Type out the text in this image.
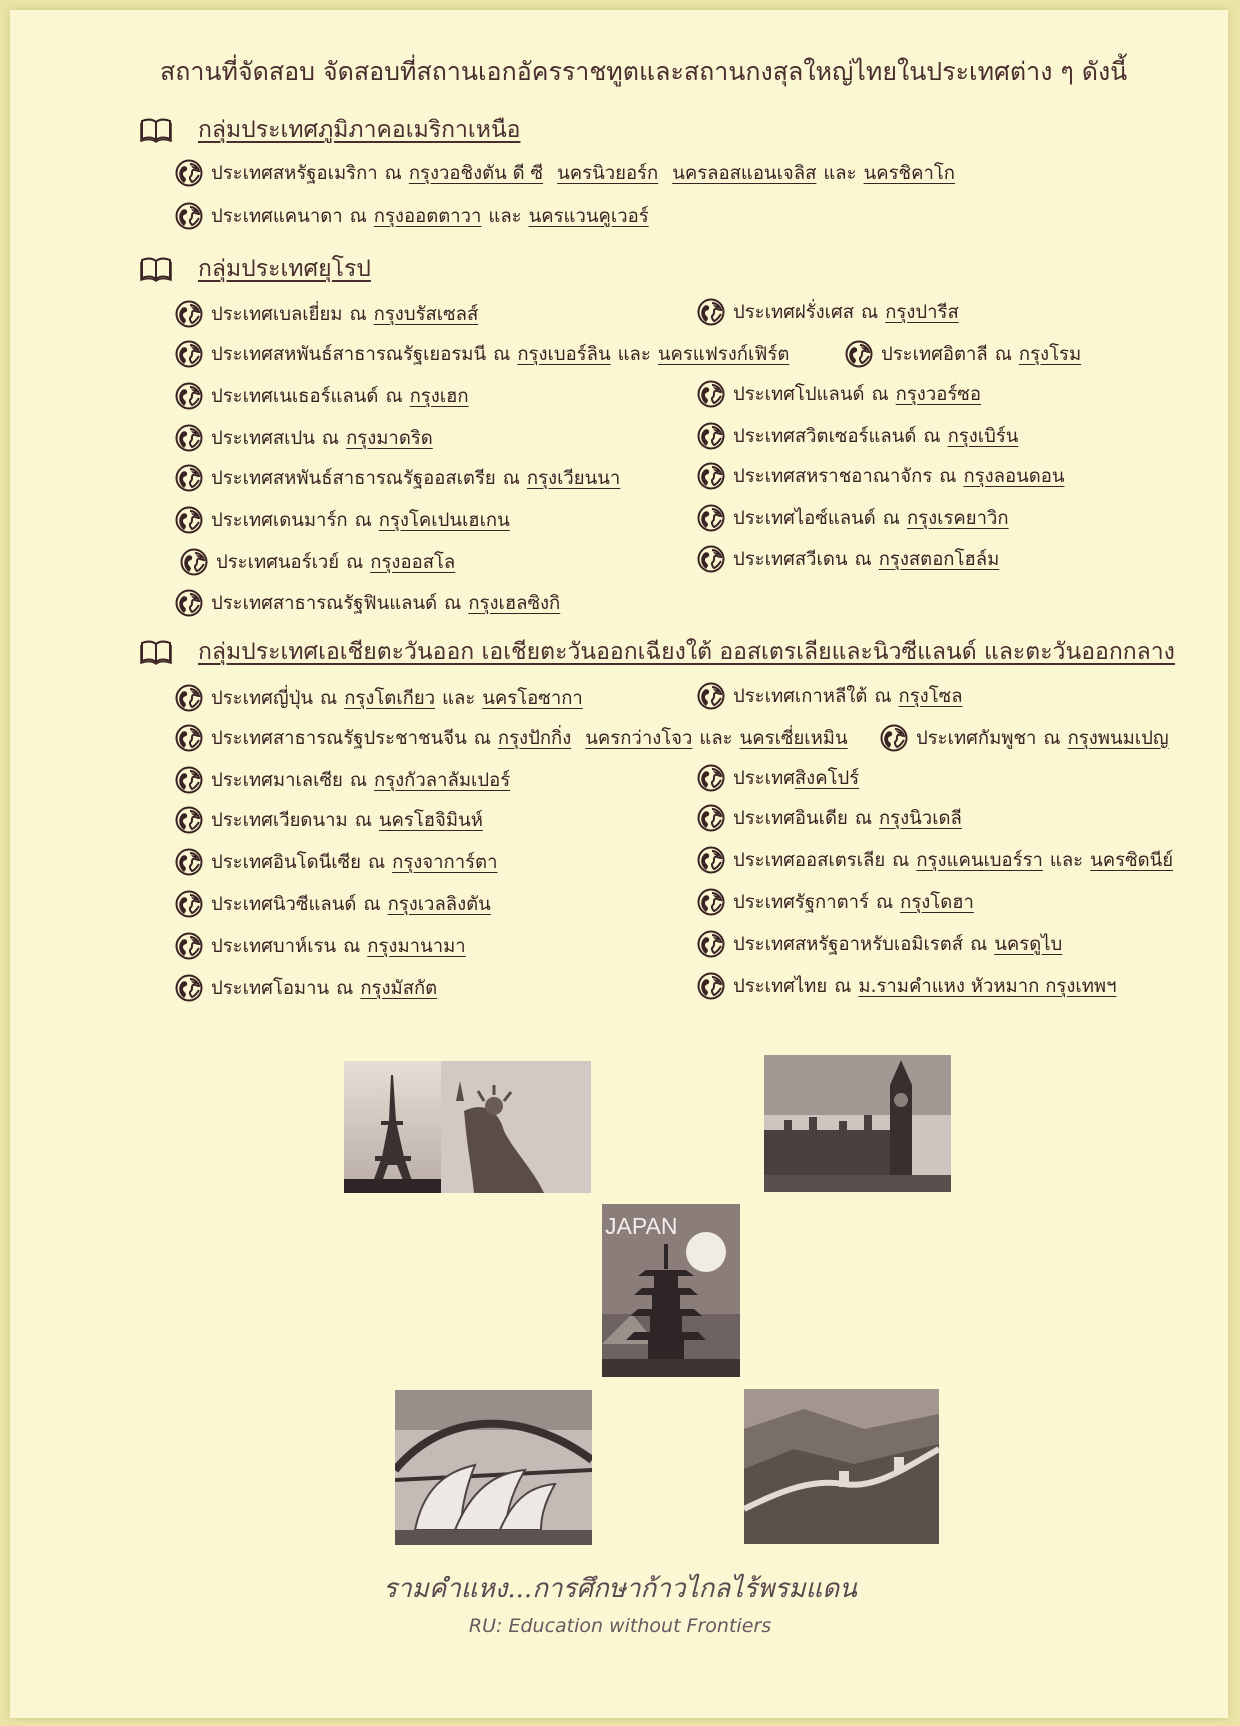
สถานที่จัดสอบ จัดสอบที่สถานเอกอัครราชทูตและสถานกงสุลใหญ่ไทยในประเทศต่าง ๆ ดังนี้
กลุ่มประเทศภูมิภาคอเมริกาเหนือ
ประเทศสหรัฐอเมริกา ณ กรุงวอชิงตัน ดี ซี นครนิวยอร์ก นครลอสแอนเจลิส และ นครชิคาโก
ประเทศแคนาดา ณ กรุงออตตาวา และ นครแวนคูเวอร์
กลุ่มประเทศยุโรป
ประเทศเบลเยี่ยม ณ กรุงบรัสเซลส์	ประเทศฝรั่งเศส ณ กรุงปารีส
ประเทศสหพันธ์สาธารณรัฐเยอรมนี ณ กรุงเบอร์ลิน และ นครแฟรงก์เฟิร์ต	ประเทศอิตาลี ณ กรุงโรม
ประเทศเนเธอร์แลนด์ ณ กรุงเฮก	ประเทศโปแลนด์ ณ กรุงวอร์ซอ
ประเทศสเปน ณ กรุงมาดริด	ประเทศสวิตเซอร์แลนด์ ณ กรุงเบิร์น
ประเทศสหพันธ์สาธารณรัฐออสเตรีย ณ กรุงเวียนนา	ประเทศสหราชอาณาจักร ณ กรุงลอนดอน
ประเทศเดนมาร์ก ณ กรุงโคเปนเฮเกน	ประเทศไอซ์แลนด์ ณ กรุงเรคยาวิก
ประเทศนอร์เวย์ ณ กรุงออสโล	ประเทศสวีเดน ณ กรุงสตอกโฮล์ม
ประเทศสาธารณรัฐฟินแลนด์ ณ กรุงเฮลซิงกิ
กลุ่มประเทศเอเชียตะวันออก เอเชียตะวันออกเฉียงใต้ ออสเตรเลียและนิวซีแลนด์ และตะวันออกกลาง
ประเทศญี่ปุ่น ณ กรุงโตเกียว และ นครโอซากา	ประเทศเกาหลีใต้ ณ กรุงโซล
ประเทศสาธารณรัฐประชาชนจีน ณ กรุงปักกิ่ง นครกว่างโจว และ นครเซี่ยเหมิน	ประเทศกัมพูชา ณ กรุงพนมเปญ
ประเทศมาเลเซีย ณ กรุงกัวลาลัมเปอร์	ประเทศ สิงคโปร์
ประเทศเวียดนาม ณ นครโฮจิมินห์	ประเทศอินเดีย ณ กรุงนิวเดลี
ประเทศอินโดนีเซีย ณ กรุงจาการ์ตา	ประเทศออสเตรเลีย ณ กรุงแคนเบอร์รา และ นครซิดนีย์
ประเทศนิวซีแลนด์ ณ กรุงเวลลิงตัน	ประเทศรัฐกาตาร์ ณ กรุงโดฮา
ประเทศบาห์เรน ณ กรุงมานามา	ประเทศสหรัฐอาหรับเอมิเรตส์ ณ นครดูไบ
ประเทศโอมาน ณ กรุงมัสกัต	ประเทศไทย ณ ม.รามคำแหง หัวหมาก กรุงเทพฯ
JAPAN
รามคำแหง...การศึกษาก้าวไกลไร้พรมแดน
RU: Education without Frontiers
